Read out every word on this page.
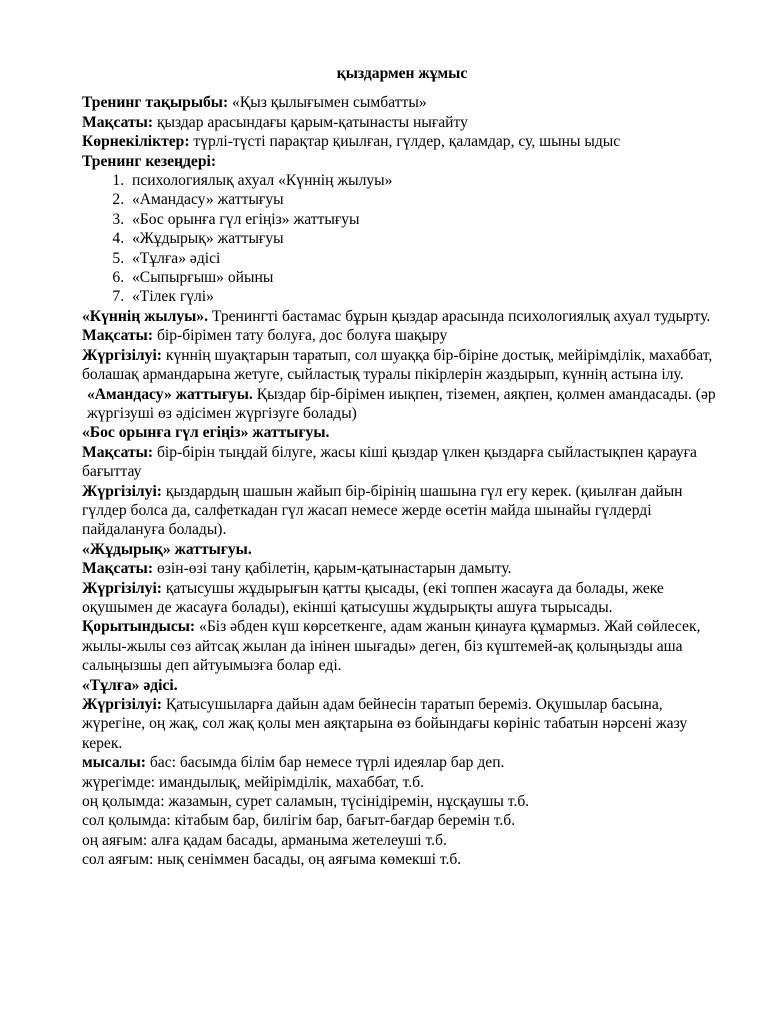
қыздармен жұмыс

Тренинг тақырыбы: «Қыз қылығымен сымбатты»

Мақсаты: қыздар арасындағы қарым-қатынасты нығайту

Көрнекіліктер: түрлі-түсті парақтар қиылған, гүлдер, қаламдар, су, шыны ыдыс

Тренинг кезеңдері:

1. психологиялық ахуал «Күннің жылуы»
2. «Амандасу» жаттығуы
3. «Бос орынға гүл егіңіз» жаттығуы
4. «Жұдырық» жаттығуы
5. «Тұлға» әдісі
6. «Сыпырғыш» ойыны
7. «Тілек гүлі»

«Күннің жылуы». Тренингті бастамас бұрын қыздар арасында психологиялық ахуал тудырту.

Мақсаты: бір-бірімен тату болуға, дос болуға шақыру

Жүргізілуі: күннің шуақтарын таратып, сол шуаққа бір-біріне достық, мейірімділік, махаббат, болашақ армандарына жетуге, сыйластық туралы пікірлерін жаздырып, күннің астына ілу.

«Амандасу» жаттығуы. Қыздар бір-бірімен иықпен, тіземен, аяқпен, қолмен амандасады. (әр жүргізуші өз әдісімен жүргізуге болады)

«Бос орынға гүл егіңіз» жаттығуы.

Мақсаты: бір-бірін тыңдай білуге, жасы кіші қыздар үлкен қыздарға сыйластықпен қарауға бағыттау

Жүргізілуі: қыздардың шашын жайып бір-бірінің шашына гүл егу керек. (қиылған дайын гүлдер болса да, салфеткадан гүл жасап немесе жерде өсетін майда шынайы гүлдерді пайдалануға болады).

«Жұдырық» жаттығуы.

Мақсаты: өзін-өзі тану қабілетін, қарым-қатынастарын дамыту.

Жүргізілуі: қатысушы жұдырығын қатты қысады, (екі топпен жасауға да болады, жеке оқушымен де жасауға болады), екінші қатысушы жұдырықты ашуға тырысады.

Қорытындысы: «Біз әбден күш көрсеткенге, адам жанын қинауға құмармыз. Жай сөйлесек, жылы-жылы сөз айтсақ жылан да інінен шығады» деген, біз күштемей-ақ қолыңызды аша салыңызшы деп айтуымызға болар еді.

«Тұлға» әдісі.

Жүргізілуі: Қатысушыларға дайын адам бейнесін таратып береміз. Оқушылар басына, жүрегіне, оң жақ, сол жақ қолы мен аяқтарына өз бойындағы көрініс табатын нәрсені жазу керек.

мысалы: бас: басымда білім бар немесе түрлі идеялар бар деп.

жүрегімде: имандылық, мейірімділік, махаббат, т.б.

оң қолымда: жазамын, сурет саламын, түсінідіремін, нұсқаушы т.б.

сол қолымда: кітабым бар, билігім бар, бағыт-бағдар беремін т.б.

оң аяғым: алға қадам басады, арманыма жетелеуші т.б.

сол аяғым: нық сеніммен басады, оң аяғыма көмекші т.б.
